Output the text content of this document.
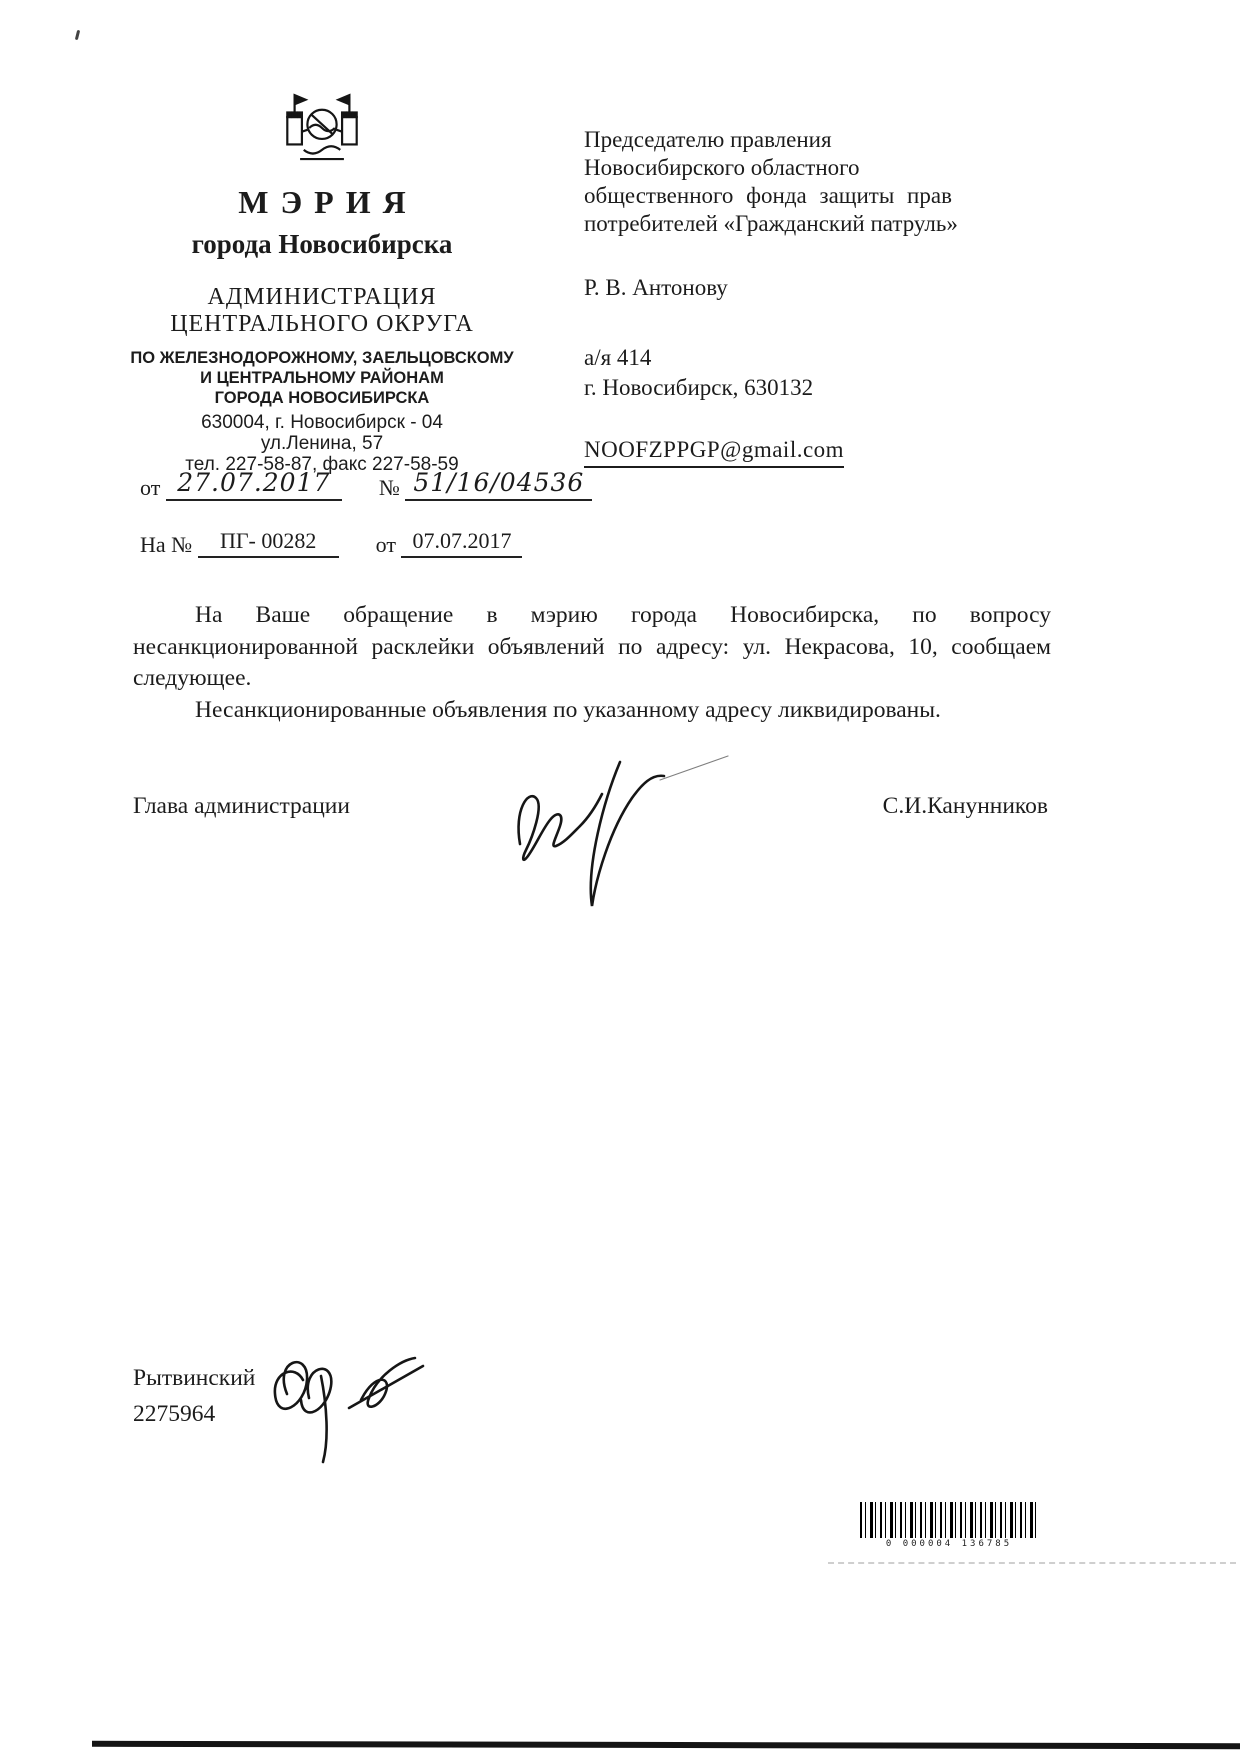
МЭРИЯ
города Новосибирска
АДМИНИСТРАЦИЯ
ЦЕНТРАЛЬНОГО ОКРУГА
ПО ЖЕЛЕЗНОДОРОЖНОМУ, ЗАЕЛЬЦОВСКОМУ
И ЦЕНТРАЛЬНОМУ РАЙОНАМ
ГОРОДА НОВОСИБИРСКА
630004, г. Новосибирск - 04
ул.Ленина, 57
тел. 227-58-87, факс 227-58-59
от 27.07.2017 № 51/16/04536
На № ПГ- 00282	от 07.07.2017
Председателю правления
Новосибирского областного
общественного фонда защиты прав
потребителей «Гражданский патруль»
Р. В. Антонову
а/я 414
г. Новосибирск, 630132
NOOFZPPGP@gmail.com

На Ваше обращение в мэрию города Новосибирска, по вопросу несанкционированной расклейки объявлений по адресу: ул. Некрасова, 10, сообщаем следующее.

Несанкционированные объявления по указанному адресу ликвидированы.

Глава администрации	С.И.Канунников
Рытвинский
2275964
0 000004 136785
